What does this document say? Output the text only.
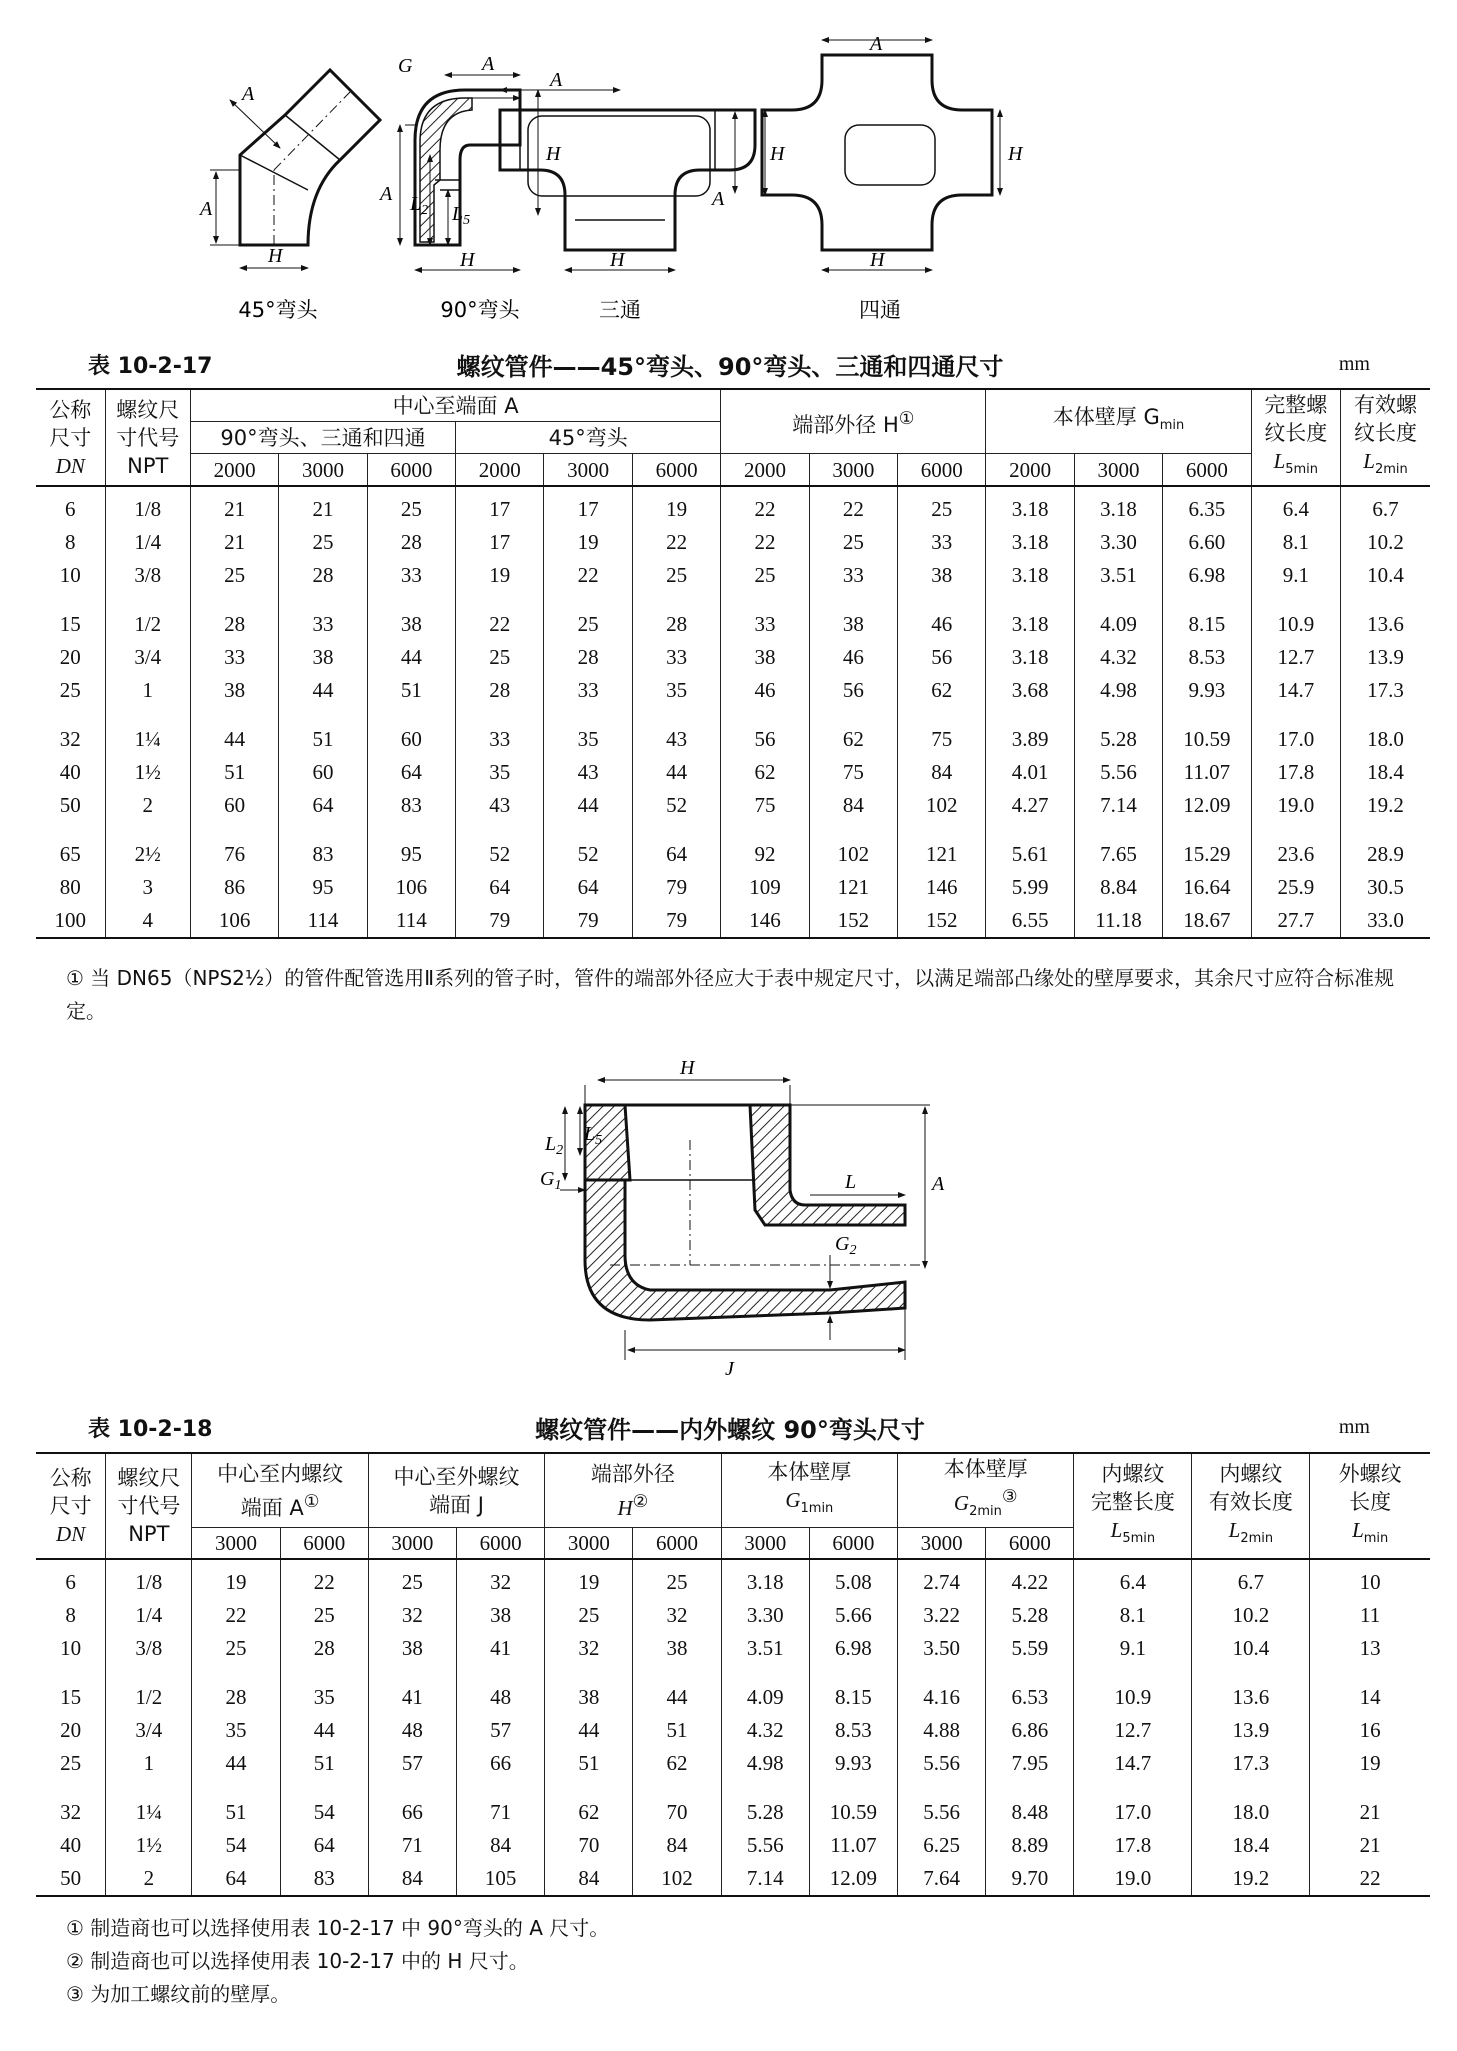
A
A
H
45°弯头
G	A
H
A $L_2$ $L_5$
H
90°弯头
A
H
H
三通
A
H
A
H
四通
表 10-2-17	螺纹管件——45°弯头、90°弯头、三通和四通尺寸	mm
公称
尺寸
DN	螺纹尺
寸代号
NPT	中心至端面 A						端部外径 H①			本体壁厚 $G_{min}$			完整螺
纹长度
$L_{5min}$	有效螺
纹长度
$L_{2min}$
		90°弯头、三通和四通			45°弯头										
		2000	3000	6000	2000	3000	6000	2000	3000	6000	2000	3000	6000		
6	1/8	21	21	25	17	17	19	22	22	25	3.18	3.18	6.35	6.4	6.7
8	1/4	21	25	28	17	19	22	22	25	33	3.18	3.30	6.60	8.1	10.2
10	3/8	25	28	33	19	22	25	25	33	38	3.18	3.51	6.98	9.1	10.4
15	1/2	28	33	38	22	25	28	33	38	46	3.18	4.09	8.15	10.9	13.6
20	3/4	33	38	44	25	28	33	38	46	56	3.18	4.32	8.53	12.7	13.9
25	1	38	44	51	28	33	35	46	56	62	3.68	4.98	9.93	14.7	17.3
32	1¼	44	51	60	33	35	43	56	62	75	3.89	5.28	10.59	17.0	18.0
40	1½	51	60	64	35	43	44	62	75	84	4.01	5.56	11.07	17.8	18.4
50	2	60	64	83	43	44	52	75	84	102	4.27	7.14	12.09	19.0	19.2
65	2½	76	83	95	52	52	64	92	102	121	5.61	7.65	15.29	23.6	28.9
80	3	86	95	106	64	64	79	109	121	146	5.99	8.84	16.64	25.9	30.5
100	4	106	114	114	79	79	79	146	152	152	6.55	11.18	18.67	27.7	33.0

① 当 DN65（NPS2½）的管件配管选用Ⅱ系列的管子时，管件的端部外径应大于表中规定尺寸，以满足端部凸缘处的壁厚要求，其余尺寸应符合标准规定。

H
L	A
J
$G_1$
$G_2$
$L_2$
$L_5$
表 10-2-18	螺纹管件——内外螺纹 90°弯头尺寸	mm
公称
尺寸
DN	螺纹尺
寸代号
NPT	中心至内螺纹
端面 A①		中心至外螺纹
端面 J		端部外径
H②		本体壁厚
$G_{1min}$		本体壁厚
$G_{2min}^③$		内螺纹
完整长度
$L_{5min}$	内螺纹
有效长度
$L_{2min}$	外螺纹
长度
$L_{min}$
		3000	6000	3000	6000	3000	6000	3000	6000	3000	6000			
6	1/8	19	22	25	32	19	25	3.18	5.08	2.74	4.22	6.4	6.7	10
8	1/4	22	25	32	38	25	32	3.30	5.66	3.22	5.28	8.1	10.2	11
10	3/8	25	28	38	41	32	38	3.51	6.98	3.50	5.59	9.1	10.4	13
15	1/2	28	35	41	48	38	44	4.09	8.15	4.16	6.53	10.9	13.6	14
20	3/4	35	44	48	57	44	51	4.32	8.53	4.88	6.86	12.7	13.9	16
25	1	44	51	57	66	51	62	4.98	9.93	5.56	7.95	14.7	17.3	19
32	1¼	51	54	66	71	62	70	5.28	10.59	5.56	8.48	17.0	18.0	21
40	1½	54	64	71	84	70	84	5.56	11.07	6.25	8.89	17.8	18.4	21
50	2	64	83	84	105	84	102	7.14	12.09	7.64	9.70	19.0	19.2	22

① 制造商也可以选择使用表 10-2-17 中 90°弯头的 A 尺寸。

② 制造商也可以选择使用表 10-2-17 中的 H 尺寸。

③ 为加工螺纹前的壁厚。
